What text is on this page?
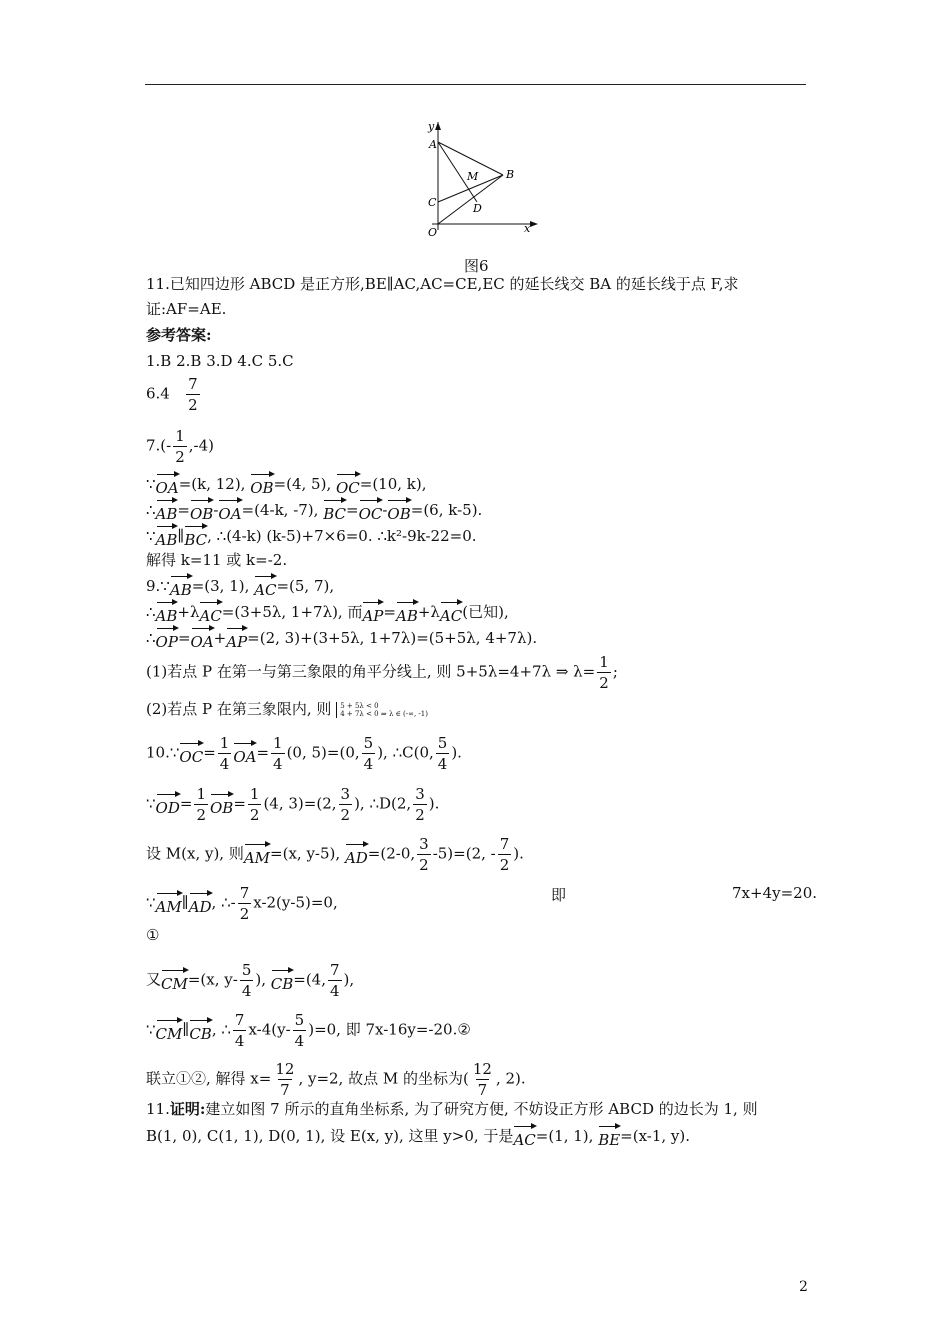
y
A
B
C	D
M
O	x
图6
11.已知四边形 ABCD 是正方形,BE∥AC,AC=CE,EC 的延长线交 BA 的延长线于点 F,求
证:AF=AE.
参考答案:
1.B 2.B 3.D 4.C 5.C
$6.4 \frac{7}{2}$
$7.(- \frac{1}{2} ,-4)$
∵OA=(k, 12), OB=(4, 5), OC=(10, k),
∴AB=OB-OA=(4-k, -7), BC=OC-OB=(6, k-5).
∵AB∥BC, ∴(4-k) (k-5)+7×6=0. ∴k²-9k-22=0.
解得 k=11 或 k=-2.
9.∵AB=(3, 1), AC=(5, 7),
∴AB+λAC=(3+5λ, 1+7λ), 而AP=AB+λAC(已知),
∴OP=OA+AP=(2, 3)+(3+5λ, 1+7λ)=(5+5λ, 4+7λ).
(1)若点 P 在第一与第三象限的角平分线上, 则 5+5λ=4+7λ ⇒ $\lambda= \frac{1}{2}$ ;
(2)若点 P 在第三象限内, 则 5 + 5λ < 0
4 + 7λ < 0 ⇒ λ ∈ (-∞, -1)
10.∵OC= $\frac{1}{4} OA= \frac{1}{4} (0$, 5)=(0, $\frac{5}{4}$ ), ∴C(0, $\frac{5}{4}$ ).
∵OD= $\frac{1}{2} OB= \frac{1}{2} (4$, 3)=(2, $\frac{3}{2}$ ), ∴D(2, $\frac{3}{2}$ ).
设 M(x, y), 则AM=(x, y-5), AD=(2-0, $\frac{3}{2} -5)=(2$, - $\frac{7}{2}$ ).
∵AM∥AD, ∴- $\frac{7}{2} x-2(y-5)=0$,	即	7x+4y=20.
①
又CM=(x, $y- \frac{5}{4}$ ), CB=(4, $\frac{7}{4}$ ),
∵CM∥CB, ∴ $\frac{7}{4} x-4(y- \frac{5}{4} )=0$, 即 7x-16y=-20.②
联立①②, 解得 $x= \frac{12}{7}$ , y=2, 故点 M 的坐标为( $\frac{12}{7}$ , 2).
11.证明:建立如图 7 所示的直角坐标系, 为了研究方便, 不妨设正方形 ABCD 的边长为 1, 则
B(1, 0), C(1, 1), D(0, 1), 设 E(x, y), 这里 y>0, 于是AC=(1, 1), BE=(x-1, y).
2
